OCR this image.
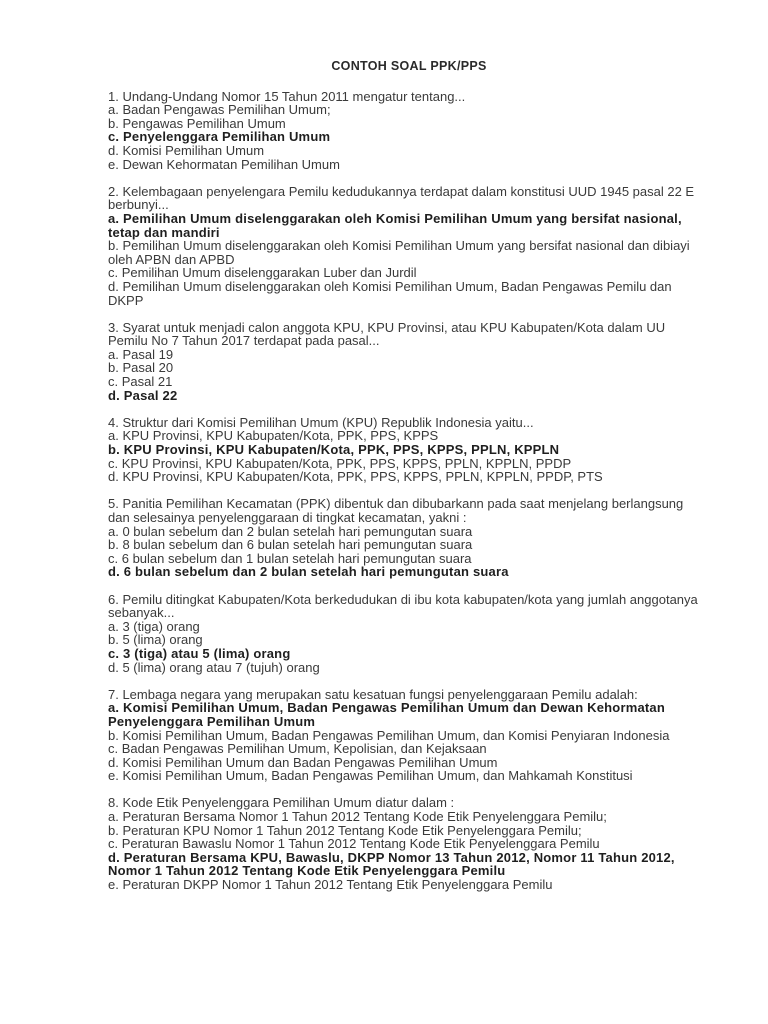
CONTOH SOAL PPK/PPS
1. Undang-Undang Nomor 15 Tahun 2011 mengatur tentang...
a. Badan Pengawas Pemilihan Umum;
b. Pengawas Pemilihan Umum
c. Penyelenggara Pemilihan Umum
d. Komisi Pemilihan Umum
e. Dewan Kehormatan Pemilihan Umum
2. Kelembagaan penyelengara Pemilu kedudukannya terdapat dalam konstitusi UUD 1945 pasal 22 E berbunyi...
a. Pemilihan Umum diselenggarakan oleh Komisi Pemilihan Umum yang bersifat nasional, tetap dan mandiri
b. Pemilihan Umum diselenggarakan oleh Komisi Pemilihan Umum yang bersifat nasional dan dibiayi oleh APBN dan APBD
c. Pemilihan Umum diselenggarakan Luber dan Jurdil
d. Pemilihan Umum diselenggarakan oleh Komisi Pemilihan Umum, Badan Pengawas Pemilu dan DKPP
3. Syarat untuk menjadi calon anggota KPU, KPU Provinsi, atau KPU Kabupaten/Kota dalam UU Pemilu No 7 Tahun 2017 terdapat pada pasal...
a. Pasal 19
b. Pasal 20
c. Pasal 21
d. Pasal 22
4. Struktur dari Komisi Pemilihan Umum (KPU) Republik Indonesia yaitu...
a. KPU Provinsi, KPU Kabupaten/Kota, PPK, PPS, KPPS
b. KPU Provinsi, KPU Kabupaten/Kota, PPK, PPS, KPPS, PPLN, KPPLN
c. KPU Provinsi, KPU Kabupaten/Kota, PPK, PPS, KPPS, PPLN, KPPLN, PPDP
d. KPU Provinsi, KPU Kabupaten/Kota, PPK, PPS, KPPS, PPLN, KPPLN, PPDP, PTS
5. Panitia Pemilihan Kecamatan (PPK) dibentuk dan dibubarkann pada saat menjelang berlangsung dan selesainya penyelenggaraan di tingkat kecamatan, yakni :
a. 0 bulan sebelum dan 2 bulan setelah hari pemungutan suara
b. 8 bulan sebelum dan 6 bulan setelah hari pemungutan suara
c. 6 bulan sebelum dan 1 bulan setelah hari pemungutan suara
d. 6 bulan sebelum dan 2 bulan setelah hari pemungutan suara
6. Pemilu ditingkat Kabupaten/Kota berkedudukan di ibu kota kabupaten/kota yang jumlah anggotanya sebanyak...
a. 3 (tiga) orang
b. 5 (lima) orang
c. 3 (tiga) atau 5 (lima) orang
d. 5 (lima) orang atau 7 (tujuh) orang
7. Lembaga negara yang merupakan satu kesatuan fungsi penyelenggaraan Pemilu adalah:
a. Komisi Pemilihan Umum, Badan Pengawas Pemilihan Umum dan Dewan Kehormatan Penyelenggara Pemilihan Umum
b. Komisi Pemilihan Umum, Badan Pengawas Pemilihan Umum, dan Komisi Penyiaran Indonesia
c. Badan Pengawas Pemilihan Umum, Kepolisian, dan Kejaksaan
d. Komisi Pemilihan Umum dan Badan Pengawas Pemilihan Umum
e. Komisi Pemilihan Umum, Badan Pengawas Pemilihan Umum, dan Mahkamah Konstitusi
8. Kode Etik Penyelenggara Pemilihan Umum diatur dalam :
a. Peraturan Bersama Nomor 1 Tahun 2012 Tentang Kode Etik Penyelenggara Pemilu;
b. Peraturan KPU Nomor 1 Tahun 2012 Tentang Kode Etik Penyelenggara Pemilu;
c. Peraturan Bawaslu Nomor 1 Tahun 2012 Tentang Kode Etik Penyelenggara Pemilu
d. Peraturan Bersama KPU, Bawaslu, DKPP Nomor 13 Tahun 2012, Nomor 11 Tahun 2012, Nomor 1 Tahun 2012 Tentang Kode Etik Penyelenggara Pemilu
e. Peraturan DKPP Nomor 1 Tahun 2012 Tentang Etik Penyelenggara Pemilu
